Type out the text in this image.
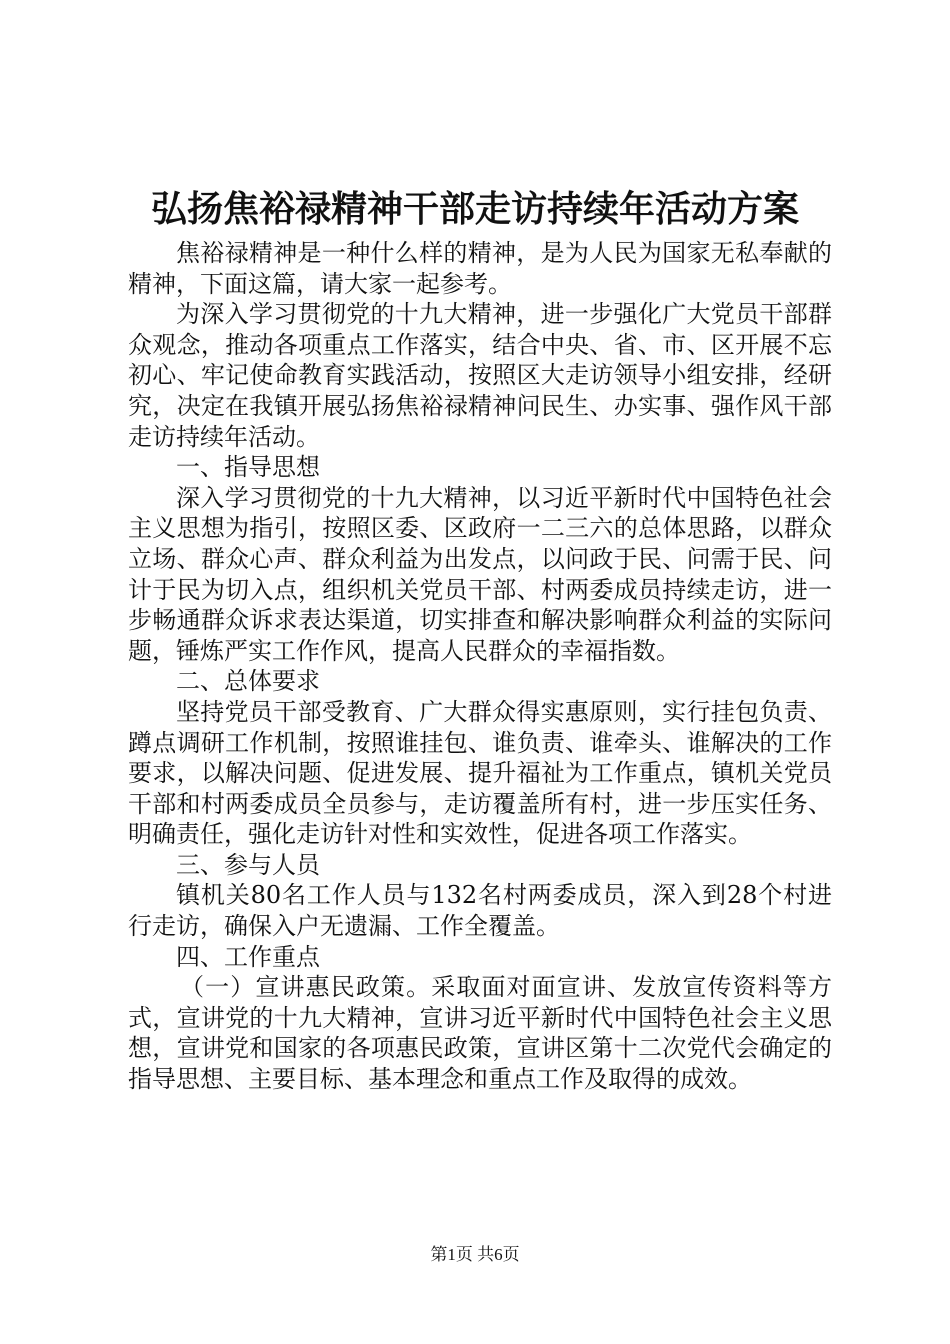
弘扬焦裕禄精神干部走访持续年活动方案

焦裕禄精神是一种什么样的精神，是为人民为国家无私奉献的精神，下面这篇，请大家一起参考。

为深入学习贯彻党的十九大精神，进一步强化广大党员干部群众观念，推动各项重点工作落实，结合中央、省、市、区开展不忘初心、牢记使命教育实践活动，按照区大走访领导小组安排，经研究，决定在我镇开展弘扬焦裕禄精神问民生、办实事、强作风干部走访持续年活动。

一、指导思想

深入学习贯彻党的十九大精神，以习近平新时代中国特色社会主义思想为指引，按照区委、区政府一二三六的总体思路，以群众立场、群众心声、群众利益为出发点，以问政于民、问需于民、问计于民为切入点，组织机关党员干部、村两委成员持续走访，进一步畅通群众诉求表达渠道，切实排查和解决影响群众利益的实际问题，锤炼严实工作作风，提高人民群众的幸福指数。

二、总体要求

坚持党员干部受教育、广大群众得实惠原则，实行挂包负责、蹲点调研工作机制，按照谁挂包、谁负责、谁牵头、谁解决的工作要求，以解决问题、促进发展、提升福祉为工作重点，镇机关党员干部和村两委成员全员参与，走访覆盖所有村，进一步压实任务、明确责任，强化走访针对性和实效性，促进各项工作落实。

三、参与人员

镇机关80名工作人员与132名村两委成员，深入到28个村进行走访，确保入户无遗漏、工作全覆盖。

四、工作重点

（一）宣讲惠民政策。采取面对面宣讲、发放宣传资料等方式，宣讲党的十九大精神，宣讲习近平新时代中国特色社会主义思想，宣讲党和国家的各项惠民政策，宣讲区第十二次党代会确定的指导思想、主要目标、基本理念和重点工作及取得的成效。

第1页 共6页
